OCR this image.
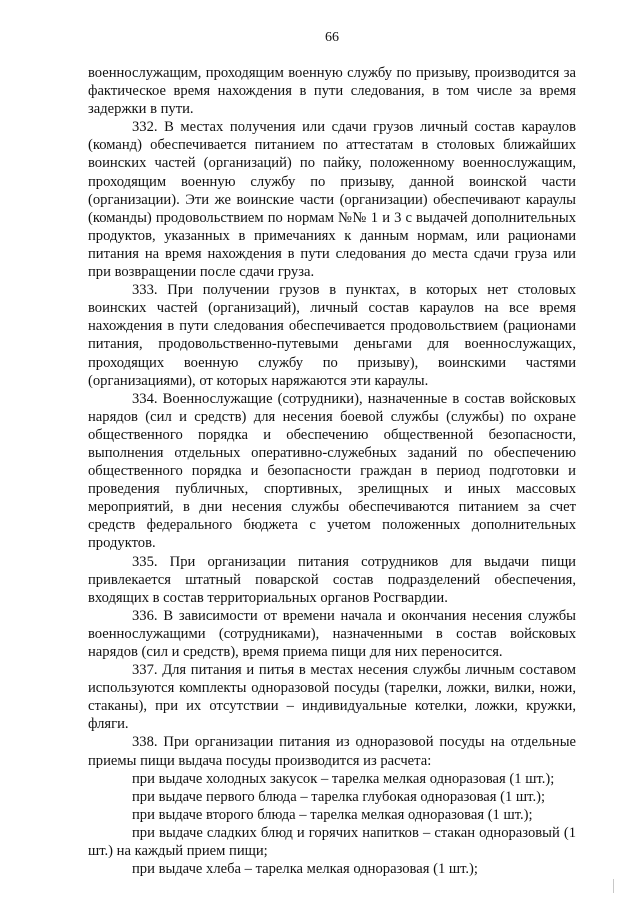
66

военнослужащим, проходящим военную службу по призыву, производится за фактическое время нахождения в пути следования, в том числе за время задержки в пути.

332. В местах получения или сдачи грузов личный состав караулов (команд) обеспечивается питанием по аттестатам в столовых ближайших воинских частей (организаций) по пайку, положенному военнослужащим, проходящим военную службу по призыву, данной воинской части (организации). Эти же воинские части (организации) обеспечивают караулы (команды) продовольствием по нормам №№ 1 и 3 с выдачей дополнительных продуктов, указанных в примечаниях к данным нормам, или рационами питания на время нахождения в пути следования до места сдачи груза или при возвращении после сдачи груза.

333. При получении грузов в пунктах, в которых нет столовых воинских частей (организаций), личный состав караулов на все время нахождения в пути следования обеспечивается продовольствием (рационами питания, продовольственно-путевыми деньгами для военнослужащих, проходящих военную службу по призыву), воинскими частями (организациями), от которых наряжаются эти караулы.

334. Военнослужащие (сотрудники), назначенные в состав войсковых нарядов (сил и средств) для несения боевой службы (службы) по охране общественного порядка и обеспечению общественной безопасности, выполнения отдельных оперативно-служебных заданий по обеспечению общественного порядка и безопасности граждан в период подготовки и проведения публичных, спортивных, зрелищных и иных массовых мероприятий, в дни несения службы обеспечиваются питанием за счет средств федерального бюджета с учетом положенных дополнительных продуктов.

335. При организации питания сотрудников для выдачи пищи привлекается штатный поварской состав подразделений обеспечения, входящих в состав территориальных органов Росгвардии.

336. В зависимости от времени начала и окончания несения службы военнослужащими (сотрудниками), назначенными в состав войсковых нарядов (сил и средств), время приема пищи для них переносится.

337. Для питания и питья в местах несения службы личным составом используются комплекты одноразовой посуды (тарелки, ложки, вилки, ножи, стаканы), при их отсутствии – индивидуальные котелки, ложки, кружки, фляги.

338. При организации питания из одноразовой посуды на отдельные приемы пищи выдача посуды производится из расчета:

при выдаче холодных закусок – тарелка мелкая одноразовая (1 шт.);

при выдаче первого блюда – тарелка глубокая одноразовая (1 шт.);

при выдаче второго блюда – тарелка мелкая одноразовая (1 шт.);

при выдаче сладких блюд и горячих напитков – стакан одноразовый (1 шт.) на каждый прием пищи;

при выдаче хлеба – тарелка мелкая одноразовая (1 шт.);
